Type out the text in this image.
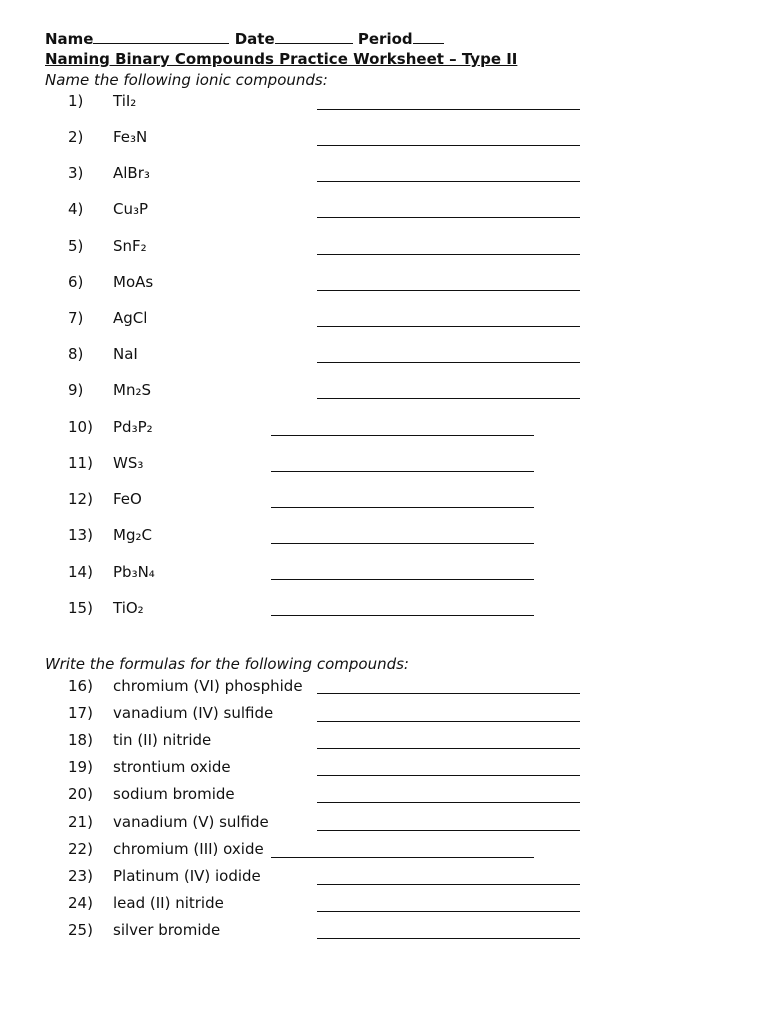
Name	Date	Period
Naming Binary Compounds Practice Worksheet – Type II
Name the following ionic compounds:
1) TiI₂
2) Fe₃N
3) AlBr₃
4) Cu₃P
5) SnF₂
6) MoAs
7) AgCl
8) NaI
9) Mn₂S
10) Pd₃P₂
11) WS₃
12) FeO
13) Mg₂C
14) Pb₃N₄
15) TiO₂
Write the formulas for the following compounds:
16) chromium (VI) phosphide
17) vanadium (IV) sulfide
18) tin (II) nitride
19) strontium oxide
20) sodium bromide
21) vanadium (V) sulfide
22) chromium (III) oxide
23) Platinum (IV) iodide
24) lead (II) nitride
25) silver bromide
